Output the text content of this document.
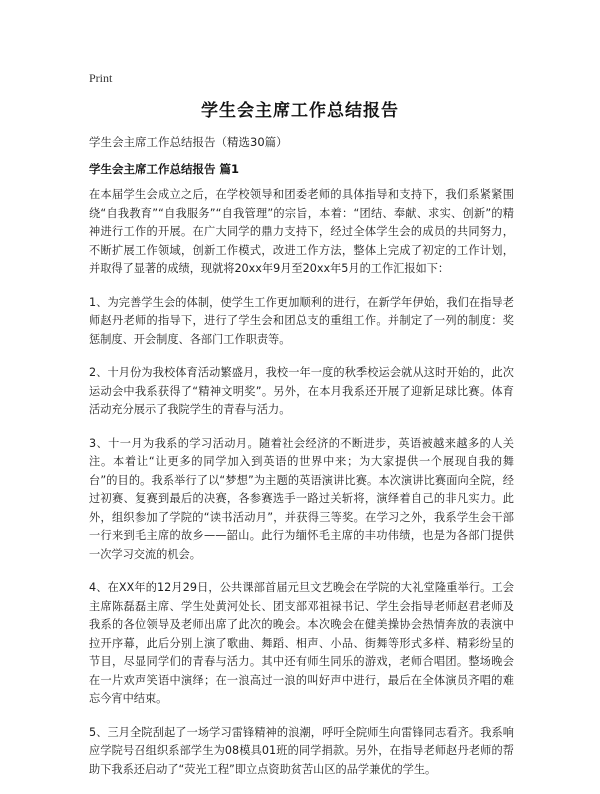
Print
学生会主席工作总结报告
学生会主席工作总结报告（精选30篇）
学生会主席工作总结报告 篇1

在本届学生会成立之后，在学校领导和团委老师的具体指导和支持下，我们系紧紧围绕“自我教育”“自我服务”“自我管理”的宗旨，本着：“团结、奉献、求实、创新”的精神进行工作的开展。在广大同学的鼎力支持下，经过全体学生会的成员的共同努力，不断扩展工作领域，创新工作模式，改进工作方法，整体上完成了初定的工作计划，并取得了显著的成绩，现就将20xx年9月至20xx年5月的工作汇报如下：

1、为完善学生会的体制，使学生工作更加顺利的进行，在新学年伊始，我们在指导老师赵丹老师的指导下，进行了学生会和团总支的重组工作。并制定了一列的制度：奖惩制度、开会制度、各部门工作职责等。

2、十月份为我校体育活动繁盛月，我校一年一度的秋季校运会就从这时开始的，此次运动会中我系获得了“精神文明奖”。另外，在本月我系还开展了迎新足球比赛。体育活动充分展示了我院学生的青春与活力。

3、十一月为我系的学习活动月。随着社会经济的不断进步，英语被越来越多的人关注。本着让“让更多的同学加入到英语的世界中来；为大家提供一个展现自我的舞台”的目的。我系举行了以“梦想”为主题的英语演讲比赛。本次演讲比赛面向全院，经过初赛、复赛到最后的决赛，各参赛选手一路过关斩将，演绎着自己的非凡实力。此外，组织参加了学院的“读书活动月”，并获得三等奖。在学习之外，我系学生会干部一行来到毛主席的故乡——韶山。此行为缅怀毛主席的丰功伟绩，也是为各部门提供一次学习交流的机会。

4、在XX年的12月29日，公共课部首届元旦文艺晚会在学院的大礼堂隆重举行。工会主席陈磊磊主席、学生处黄河处长、团支部邓祖禄书记、学生会指导老师赵君老师及我系的各位领导及老师出席了此次的晚会。本次晚会在健美操协会热情奔放的表演中拉开序幕，此后分别上演了歌曲、舞蹈、相声、小品、街舞等形式多样、精彩纷呈的节目，尽显同学们的青春与活力。其中还有师生同乐的游戏，老师合唱团。整场晚会在一片欢声笑语中演绎；在一浪高过一浪的叫好声中进行，最后在全体演员齐唱的难忘今宵中结束。

5、三月全院刮起了一场学习雷锋精神的浪潮，呼吁全院师生向雷锋同志看齐。我系响应学院号召组织系部学生为08模具01班的同学捐款。另外，在指导老师赵丹老师的帮助下我系还启动了“荧光工程”即立点资助贫苦山区的品学兼优的学生。
